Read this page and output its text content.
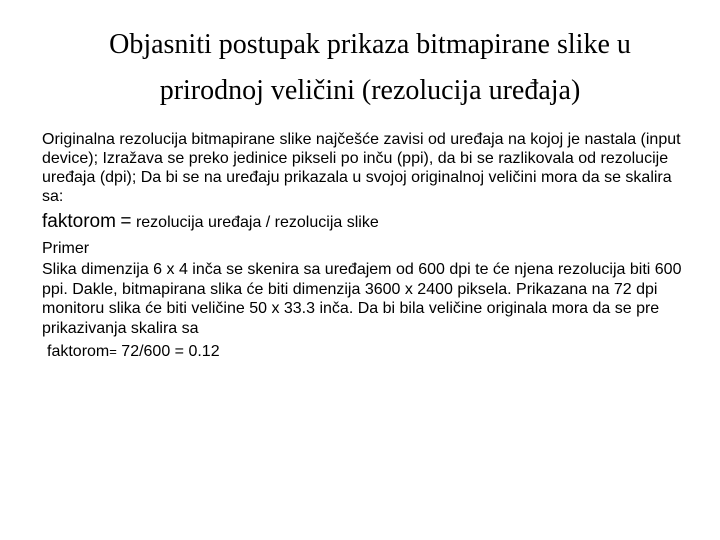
Objasniti postupak prikaza bitmapirane slike u
prirodnoj veličini (rezolucija uređaja)

Originalna rezolucija bitmapirane slike najčešće zavisi od uređaja na kojoj je nastala (input device); Izražava se preko jedinice pikseli po inču (ppi), da bi se razlikovala od rezolucije uređaja (dpi); Da bi se na uređaju prikazala u svojoj originalnoj veličini mora da se skalira sa:

faktorom = rezolucija uređaja / rezolucija slike

Primer

Slika dimenzija 6 x 4 inča se skenira sa uređajem od 600 dpi te će njena rezolucija biti 600 ppi. Dakle, bitmapirana slika će biti dimenzija 3600 x 2400 piksela. Prikazana na 72 dpi monitoru slika će biti veličine 50 x 33.3 inča. Da bi bila veličine originala mora da se pre prikazivanja skalira sa

faktorom= 72/600 = 0.12
